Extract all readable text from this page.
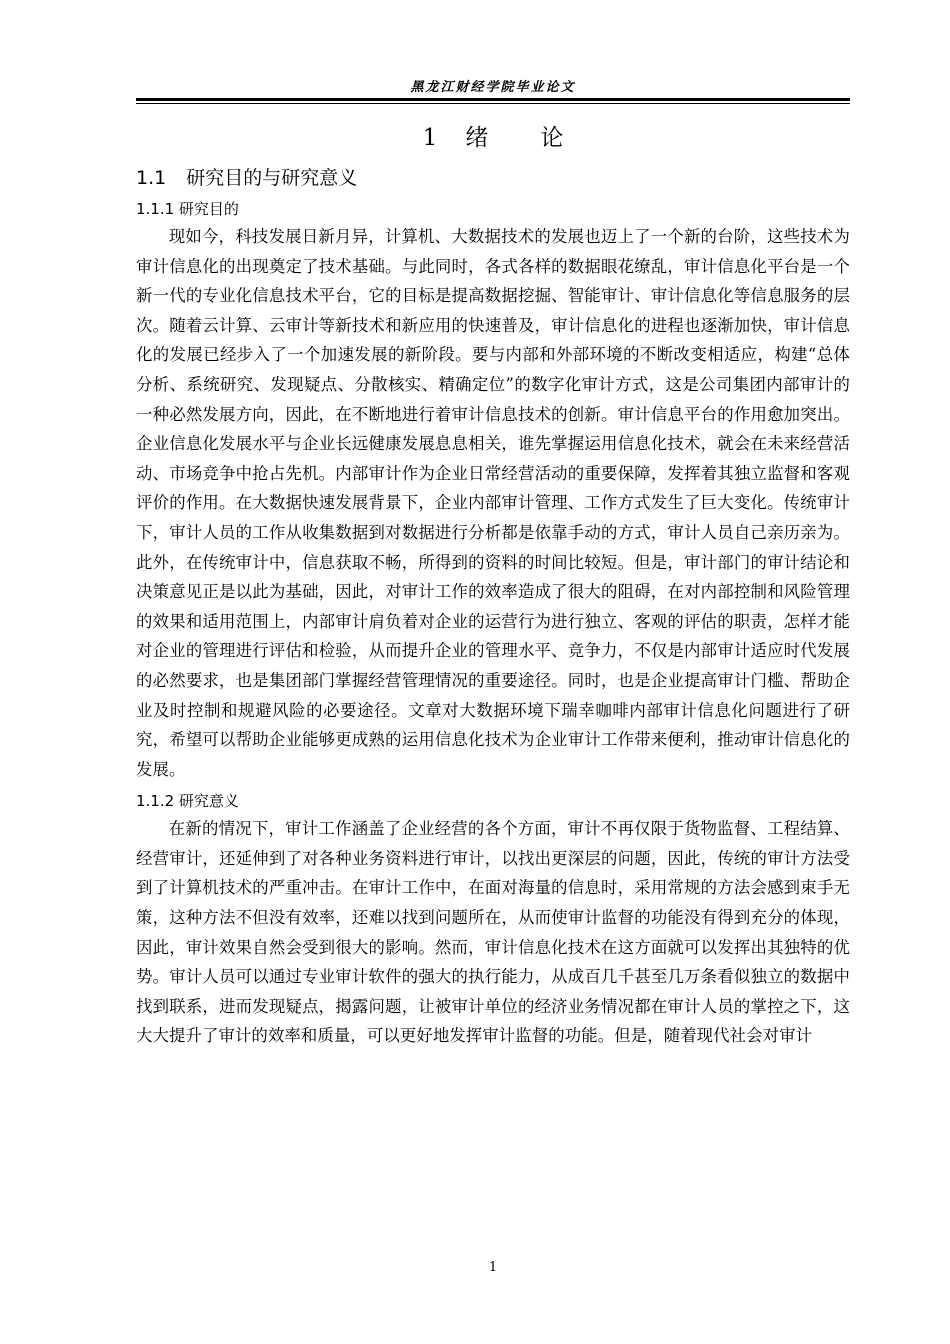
黑龙江财经学院毕业论文
1 绪 论
1.1 研究目的与研究意义
1.1.1 研究目的

现如今，科技发展日新月异，计算机、大数据技术的发展也迈上了一个新的台阶，这些技术为审计信息化的出现奠定了技术基础。与此同时，各式各样的数据眼花缭乱，审计信息化平台是一个新一代的专业化信息技术平台，它的目标是提高数据挖掘、智能审计、审计信息化等信息服务的层次。随着云计算、云审计等新技术和新应用的快速普及，审计信息化的进程也逐渐加快，审计信息化的发展已经步入了一个加速发展的新阶段。要与内部和外部环境的不断改变相适应，构建“总体分析、系统研究、发现疑点、分散核实、精确定位”的数字化审计方式，这是公司集团内部审计的一种必然发展方向，因此，在不断地进行着审计信息技术的创新。审计信息平台的作用愈加突出。企业信息化发展水平与企业长远健康发展息息相关，谁先掌握运用信息化技术，就会在未来经营活动、市场竞争中抢占先机。内部审计作为企业日常经营活动的重要保障，发挥着其独立监督和客观评价的作用。在大数据快速发展背景下，企业内部审计管理、工作方式发生了巨大变化。传统审计下，审计人员的工作从收集数据到对数据进行分析都是依靠手动的方式，审计人员自己亲历亲为。此外，在传统审计中，信息获取不畅，所得到的资料的时间比较短。但是，审计部门的审计结论和决策意见正是以此为基础，因此，对审计工作的效率造成了很大的阻碍，在对内部控制和风险管理的效果和适用范围上，内部审计肩负着对企业的运营行为进行独立、客观的评估的职责，怎样才能对企业的管理进行评估和检验，从而提升企业的管理水平、竞争力，不仅是内部审计适应时代发展的必然要求，也是集团部门掌握经营管理情况的重要途径。同时，也是企业提高审计门槛、帮助企业及时控制和规避风险的必要途径。文章对大数据环境下瑞幸咖啡内部审计信息化问题进行了研究，希望可以帮助企业能够更成熟的运用信息化技术为企业审计工作带来便利，推动审计信息化的发展。

1.1.2 研究意义

在新的情况下，审计工作涵盖了企业经营的各个方面，审计不再仅限于货物监督、工程结算、经营审计，还延伸到了对各种业务资料进行审计，以找出更深层的问题，因此，传统的审计方法受到了计算机技术的严重冲击。在审计工作中，在面对海量的信息时，采用常规的方法会感到束手无策，这种方法不但没有效率，还难以找到问题所在，从而使审计监督的功能没有得到充分的体现，因此，审计效果自然会受到很大的影响。然而，审计信息化技术在这方面就可以发挥出其独特的优势。审计人员可以通过专业审计软件的强大的执行能力，从成百几千甚至几万条看似独立的数据中找到联系，进而发现疑点，揭露问题，让被审计单位的经济业务情况都在审计人员的掌控之下，这大大提升了审计的效率和质量，可以更好地发挥审计监督的功能。但是，随着现代社会对审计

1
